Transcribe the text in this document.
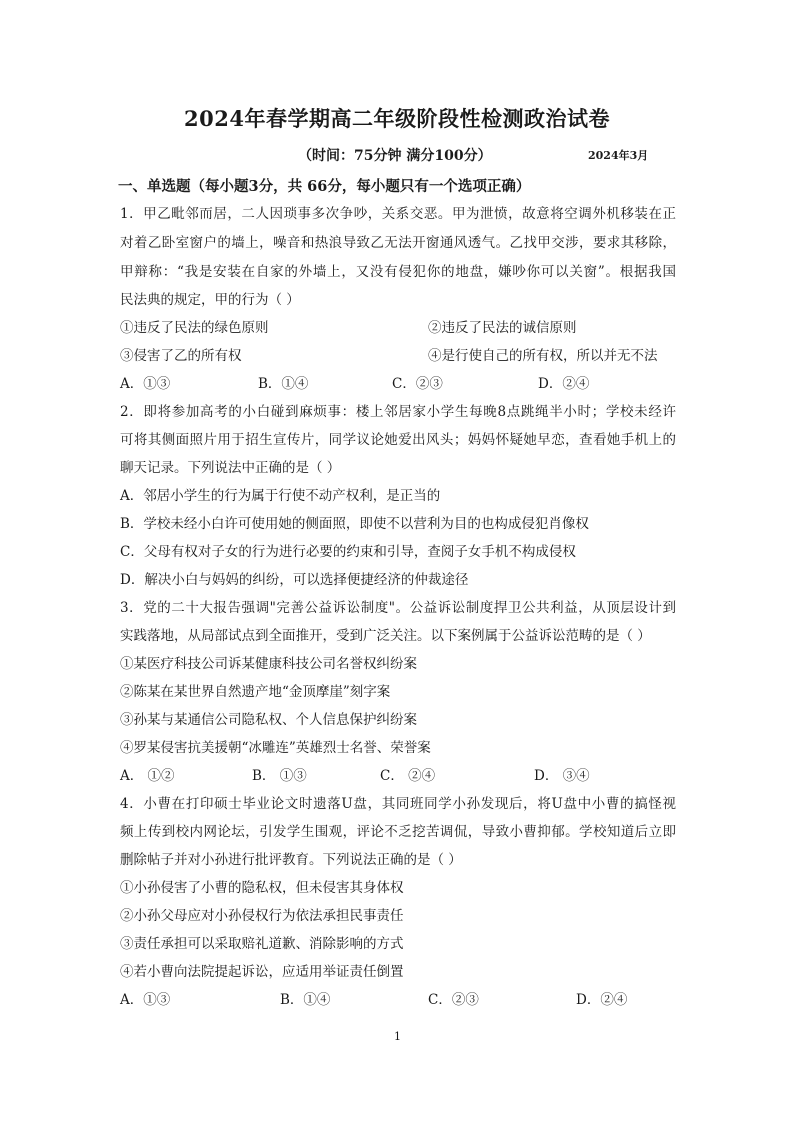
2024年春学期高二年级阶段性检测政治试卷
（时间：75分钟 满分100分）	2024年3月
一、单选题（每小题3分，共 66分，每小题只有一个选项正确）
1．甲乙毗邻而居，二人因琐事多次争吵，关系交恶。甲为泄愤，故意将空调外机移装在正
对着乙卧室窗户的墙上，噪音和热浪导致乙无法开窗通风透气。乙找甲交涉，要求其移除，
甲辩称：“我是安装在自家的外墙上，又没有侵犯你的地盘，嫌吵你可以关窗”。根据我国
民法典的规定，甲的行为（ ）
①违反了民法的绿色原则	②违反了民法的诚信原则
③侵害了乙的所有权	④是行使自己的所有权，所以并无不法
A．①③	B．①④	C．②③	D．②④
2．即将参加高考的小白碰到麻烦事：楼上邻居家小学生每晚8点跳绳半小时；学校未经许
可将其侧面照片用于招生宣传片，同学议论她爱出风头；妈妈怀疑她早恋，查看她手机上的
聊天记录。下列说法中正确的是（ ）
A．邻居小学生的行为属于行使不动产权利，是正当的
B．学校未经小白许可使用她的侧面照，即使不以营利为目的也构成侵犯肖像权
C．父母有权对子女的行为进行必要的约束和引导，查阅子女手机不构成侵权
D．解决小白与妈妈的纠纷，可以选择便捷经济的仲裁途径
3．党的二十大报告强调"完善公益诉讼制度"。公益诉讼制度捍卫公共利益，从顶层设计到
实践落地，从局部试点到全面推开，受到广泛关注。以下案例属于公益诉讼范畴的是（ ）
①某医疗科技公司诉某健康科技公司名誉权纠纷案
②陈某在某世界自然遗产地“金顶摩崖”刻字案
③孙某与某通信公司隐私权、个人信息保护纠纷案
④罗某侵害抗美援朝“冰雕连”英雄烈士名誉、荣誉案
A． ①②	B． ①③	C． ②④	D． ③④
4．小曹在打印硕士毕业论文时遗落U盘，其同班同学小孙发现后，将U盘中小曹的搞怪视
频上传到校内网论坛，引发学生围观，评论不乏挖苦调侃，导致小曹抑郁。学校知道后立即
删除帖子并对小孙进行批评教育。下列说法正确的是（ ）
①小孙侵害了小曹的隐私权，但未侵害其身体权
②小孙父母应对小孙侵权行为依法承担民事责任
③责任承担可以采取赔礼道歉、消除影响的方式
④若小曹向法院提起诉讼，应适用举证责任倒置
A．①③	B．①④	C．②③	D．②④
1
